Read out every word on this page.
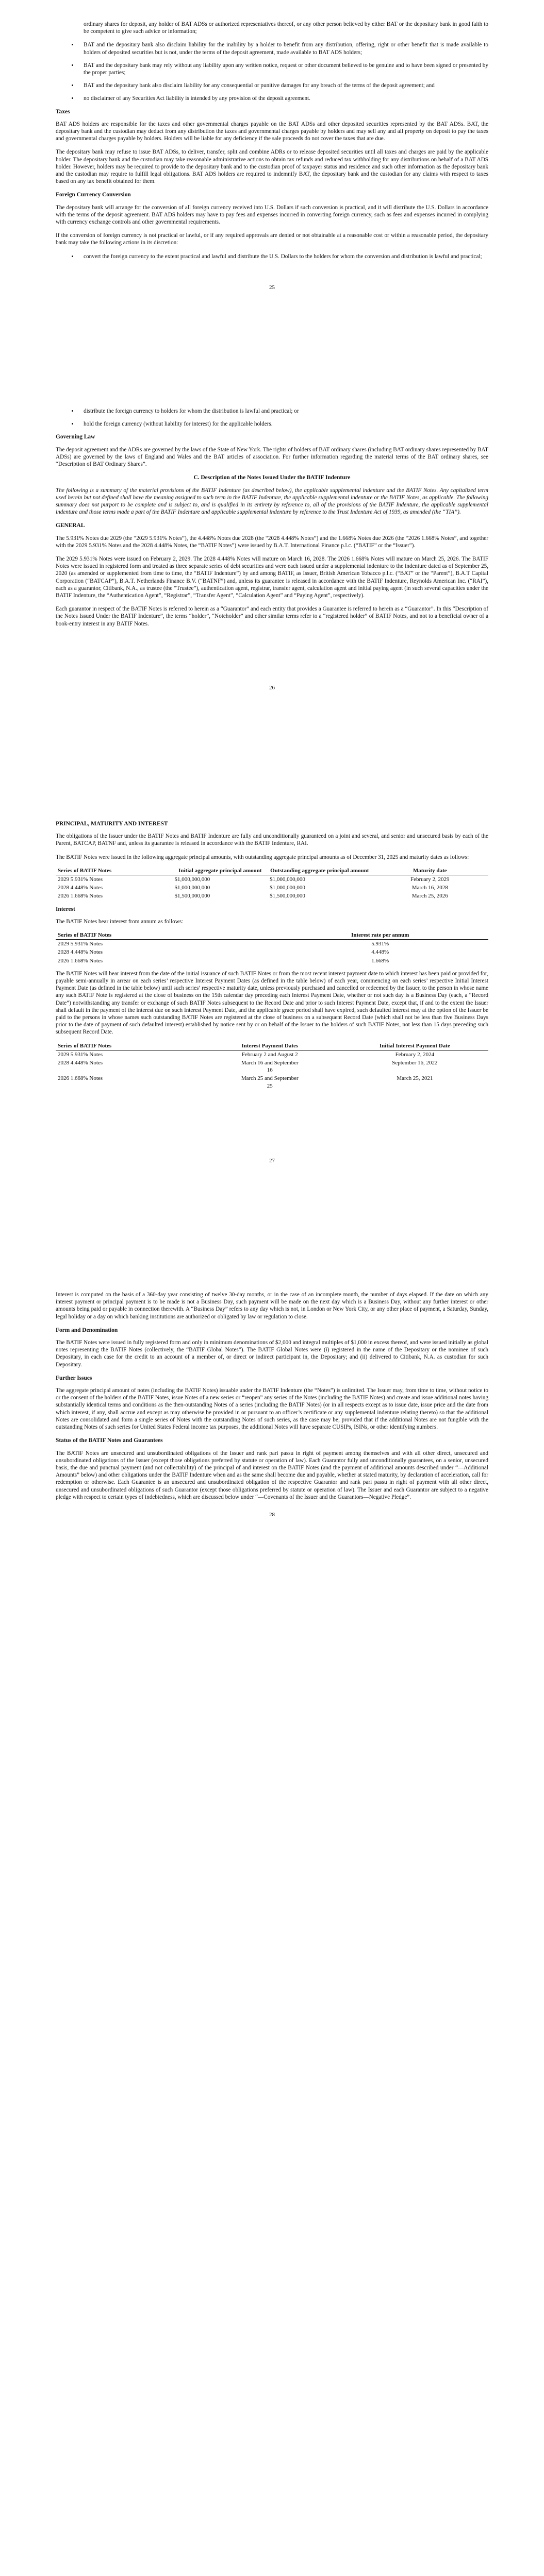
ordinary shares for deposit, any holder of BAT ADSs or authorized representatives thereof, or any other person believed by either BAT or the depositary bank in good faith to be competent to give such advice or information;

• BAT and the depositary bank also disclaim liability for the inability by a holder to benefit from any distribution, offering, right or other benefit that is made available to holders of deposited securities but is not, under the terms of the deposit agreement, made available to BAT ADS holders;
• BAT and the depositary bank may rely without any liability upon any written notice, request or other document believed to be genuine and to have been signed or presented by the proper parties;
• BAT and the depositary bank also disclaim liability for any consequential or punitive damages for any breach of the terms of the deposit agreement; and
• no disclaimer of any Securities Act liability is intended by any provision of the deposit agreement.
Taxes

BAT ADS holders are responsible for the taxes and other governmental charges payable on the BAT ADSs and other deposited securities represented by the BAT ADSs. BAT, the depositary bank and the custodian may deduct from any distribution the taxes and governmental charges payable by holders and may sell any and all property on deposit to pay the taxes and governmental charges payable by holders. Holders will be liable for any deficiency if the sale proceeds do not cover the taxes that are due.

The depositary bank may refuse to issue BAT ADSs, to deliver, transfer, split and combine ADRs or to release deposited securities until all taxes and charges are paid by the applicable holder. The depositary bank and the custodian may take reasonable administrative actions to obtain tax refunds and reduced tax withholding for any distributions on behalf of a BAT ADS holder. However, holders may be required to provide to the depositary bank and to the custodian proof of taxpayer status and residence and such other information as the depositary bank and the custodian may require to fulfill legal obligations. BAT ADS holders are required to indemnify BAT, the depositary bank and the custodian for any claims with respect to taxes based on any tax benefit obtained for them.

Foreign Currency Conversion

The depositary bank will arrange for the conversion of all foreign currency received into U.S. Dollars if such conversion is practical, and it will distribute the U.S. Dollars in accordance with the terms of the deposit agreement. BAT ADS holders may have to pay fees and expenses incurred in converting foreign currency, such as fees and expenses incurred in complying with currency exchange controls and other governmental requirements.

If the conversion of foreign currency is not practical or lawful, or if any required approvals are denied or not obtainable at a reasonable cost or within a reasonable period, the depositary bank may take the following actions in its discretion:

• convert the foreign currency to the extent practical and lawful and distribute the U.S. Dollars to the holders for whom the conversion and distribution is lawful and practical;
25
• distribute the foreign currency to holders for whom the distribution is lawful and practical; or
• hold the foreign currency (without liability for interest) for the applicable holders.
Governing Law

The deposit agreement and the ADRs are governed by the laws of the State of New York. The rights of holders of BAT ordinary shares (including BAT ordinary shares represented by BAT ADSs) are governed by the laws of England and Wales and the BAT articles of association. For further information regarding the material terms of the BAT ordinary shares, see “Description of BAT Ordinary Shares”.

C. Description of the Notes Issued Under the BATIF Indenture

The following is a summary of the material provisions of the BATIF Indenture (as described below), the applicable supplemental indenture and the BATIF Notes. Any capitalized term used herein but not defined shall have the meaning assigned to such term in the BATIF Indenture, the applicable supplemental indenture or the BATIF Notes, as applicable. The following summary does not purport to be complete and is subject to, and is qualified in its entirety by reference to, all of the provisions of the BATIF Indenture, the applicable supplemental indenture and those terms made a part of the BATIF Indenture and applicable supplemental indenture by reference to the Trust Indenture Act of 1939, as amended (the “TIA”).

GENERAL

The 5.931% Notes due 2029 (the “2029 5.931% Notes”), the 4.448% Notes due 2028 (the “2028 4.448% Notes”) and the 1.668% Notes due 2026 (the “2026 1.668% Notes”, and together with the 2029 5.931% Notes and the 2028 4.448% Notes, the “BATIF Notes”) were issued by B.A.T. International Finance p.l.c. (“BATIF” or the “Issuer”).

The 2029 5.931% Notes were issued on February 2, 2029. The 2028 4.448% Notes will mature on March 16, 2028. The 2026 1.668% Notes will mature on March 25, 2026. The BATIF Notes were issued in registered form and treated as three separate series of debt securities and were each issued under a supplemental indenture to the indenture dated as of September 25, 2020 (as amended or supplemented from time to time, the “BATIF Indenture”) by and among BATIF, as Issuer, British American Tobacco p.l.c. (“BAT” or the “Parent”), B.A.T Capital Corporation (“BATCAP”), B.A.T. Netherlands Finance B.V. (“BATNF”) and, unless its guarantee is released in accordance with the BATIF Indenture, Reynolds American Inc. (“RAI”), each as a guarantor, Citibank, N.A., as trustee (the “Trustee”), authentication agent, registrar, transfer agent, calculation agent and initial paying agent (in such several capacities under the BATIF Indenture, the “Authentication Agent”, “Registrar”, “Transfer Agent”, “Calculation Agent” and “Paying Agent”, respectively).

Each guarantor in respect of the BATIF Notes is referred to herein as a “Guarantor” and each entity that provides a Guarantee is referred to herein as a “Guarantor”. In this “Description of the Notes Issued Under the BATIF Indenture”, the terms “holder”, “Noteholder” and other similar terms refer to a “registered holder” of BATIF Notes, and not to a beneficial owner of a book-entry interest in any BATIF Notes.

26
PRINCIPAL, MATURITY AND INTEREST

The obligations of the Issuer under the BATIF Notes and BATIF Indenture are fully and unconditionally guaranteed on a joint and several, and senior and unsecured basis by each of the Parent, BATCAP, BATNF and, unless its guarantee is released in accordance with the BATIF Indenture, RAI.

The BATIF Notes were issued in the following aggregate principal amounts, with outstanding aggregate principal amounts as of December 31, 2025 and maturity dates as follows:

Series of BATIF Notes	Initial aggregate principal amount	Outstanding aggregate principal amount	Maturity date
2029 5.931% Notes	$1,000,000,000	$1,000,000,000	February 2, 2029
2028 4.448% Notes	$1,000,000,000	$1,000,000,000	March 16, 2028
2026 1.668% Notes	$1,500,000,000	$1,500,000,000	March 25, 2026
Interest

The BATIF Notes bear interest from annum as follows:

Series of BATIF Notes	Interest rate per annum
2029 5.931% Notes	5.931%
2028 4.448% Notes	4.448%
2026 1.668% Notes	1.668%

The BATIF Notes will bear interest from the date of the initial issuance of such BATIF Notes or from the most recent interest payment date to which interest has been paid or provided for, payable semi-annually in arrear on each series’ respective Interest Payment Dates (as defined in the table below) of each year, commencing on each series’ respective Initial Interest Payment Date (as defined in the table below) until such series’ respective maturity date, unless previously purchased and cancelled or redeemed by the Issuer, to the person in whose name any such BATIF Note is registered at the close of business on the 15th calendar day preceding each Interest Payment Date, whether or not such day is a Business Day (each, a “Record Date”) notwithstanding any transfer or exchange of such BATIF Notes subsequent to the Record Date and prior to such Interest Payment Date, except that, if and to the extent the Issuer shall default in the payment of the interest due on such Interest Payment Date, and the applicable grace period shall have expired, such defaulted interest may at the option of the Issuer be paid to the persons in whose names such outstanding BATIF Notes are registered at the close of business on a subsequent Record Date (which shall not be less than five Business Days prior to the date of payment of such defaulted interest) established by notice sent by or on behalf of the Issuer to the holders of such BATIF Notes, not less than 15 days preceding such subsequent Record Date.

Series of BATIF Notes	Interest Payment Dates	Initial Interest Payment Date
2029 5.931% Notes	February 2 and August 2	February 2, 2024
2028 4.448% Notes	March 16 and September 16	September 16, 2022
2026 1.668% Notes	March 25 and September 25	March 25, 2021
27

Interest is computed on the basis of a 360-day year consisting of twelve 30-day months, or in the case of an incomplete month, the number of days elapsed. If the date on which any interest payment or principal payment is to be made is not a Business Day, such payment will be made on the next day which is a Business Day, without any further interest or other amounts being paid or payable in connection therewith. A “Business Day” refers to any day which is not, in London or New York City, or any other place of payment, a Saturday, Sunday, legal holiday or a day on which banking institutions are authorized or obligated by law or regulation to close.

Form and Denomination

The BATIF Notes were issued in fully registered form and only in minimum denominations of $2,000 and integral multiples of $1,000 in excess thereof, and were issued initially as global notes representing the BATIF Notes (collectively, the “BATIF Global Notes”). The BATIF Global Notes were (i) registered in the name of the Depositary or the nominee of such Depositary, in each case for the credit to an account of a member of, or direct or indirect participant in, the Depositary; and (ii) delivered to Citibank, N.A. as custodian for such Depositary.

Further Issues

The aggregate principal amount of notes (including the BATIF Notes) issuable under the BATIF Indenture (the “Notes”) is unlimited. The Issuer may, from time to time, without notice to or the consent of the holders of the BATIF Notes, issue Notes of a new series or “reopen” any series of the Notes (including the BATIF Notes) and create and issue additional notes having substantially identical terms and conditions as the then-outstanding Notes of a series (including the BATIF Notes) (or in all respects except as to issue date, issue price and the date from which interest, if any, shall accrue and except as may otherwise be provided in or pursuant to an officer’s certificate or any supplemental indenture relating thereto) so that the additional Notes are consolidated and form a single series of Notes with the outstanding Notes of such series, as the case may be; provided that if the additional Notes are not fungible with the outstanding Notes of such series for United States Federal income tax purposes, the additional Notes will have separate CUSIPs, ISINs, or other identifying numbers.

Status of the BATIF Notes and Guarantees

The BATIF Notes are unsecured and unsubordinated obligations of the Issuer and rank pari passu in right of payment among themselves and with all other direct, unsecured and unsubordinated obligations of the Issuer (except those obligations preferred by statute or operation of law). Each Guarantor fully and unconditionally guarantees, on a senior, unsecured basis, the due and punctual payment (and not collectability) of the principal of and interest on the BATIF Notes (and the payment of additional amounts described under “—Additional Amounts” below) and other obligations under the BATIF Indenture when and as the same shall become due and payable, whether at stated maturity, by declaration of acceleration, call for redemption or otherwise. Each Guarantee is an unsecured and unsubordinated obligation of the respective Guarantor and rank pari passu in right of payment with all other direct, unsecured and unsubordinated obligations of such Guarantor (except those obligations preferred by statute or operation of law). The Issuer and each Guarantor are subject to a negative pledge with respect to certain types of indebtedness, which are discussed below under “—Covenants of the Issuer and the Guarantors—Negative Pledge”.

28
